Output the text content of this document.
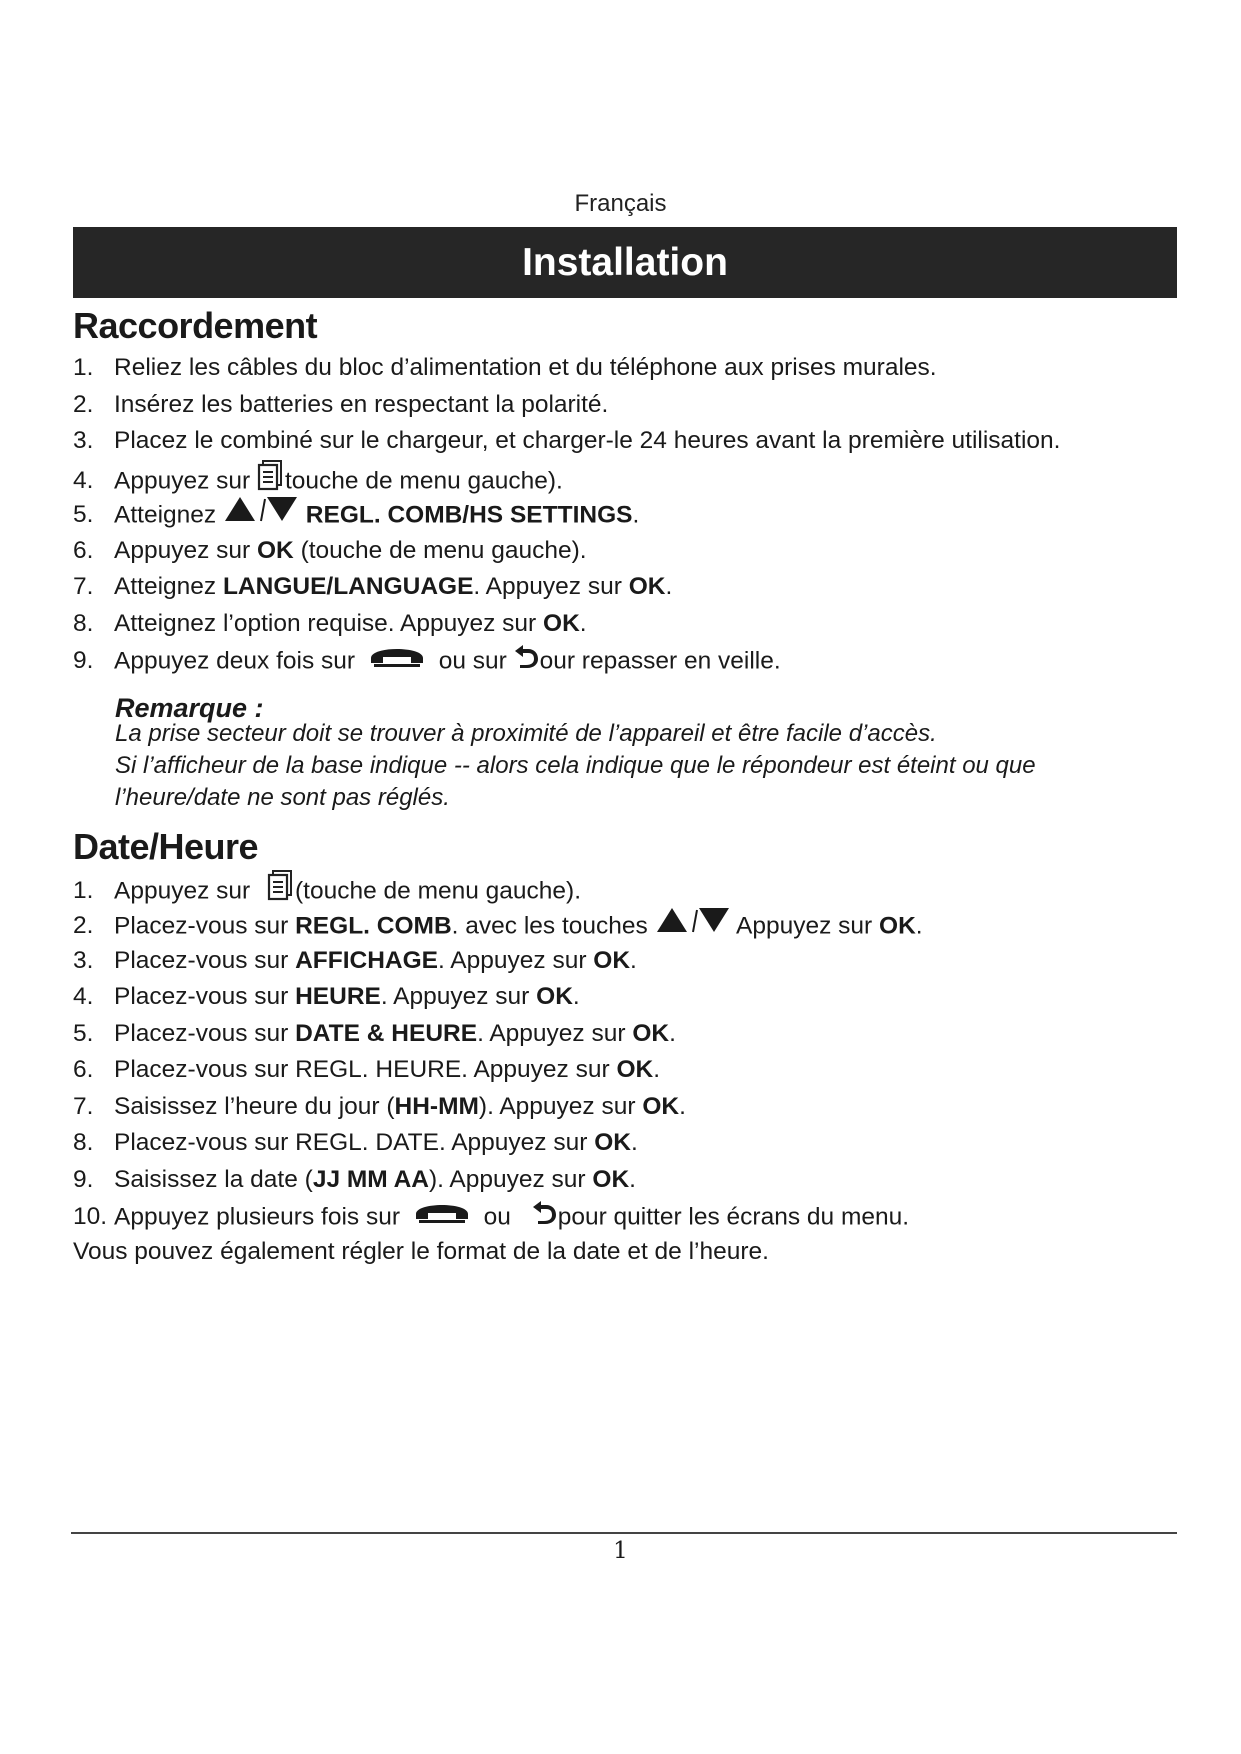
Français
Installation
Raccordement
1. Reliez les câbles du bloc d’alimentation et du téléphone aux prises murales.
2. Insérez les batteries en respectant la polarité.
3. Placez le combiné sur le chargeur, et charger-le 24 heures avant la première utilisation.
4. Appuyez sur touche de menu gauche).
5. Atteignez	REGL. COMB/HS SETTINGS.
6. Appuyez sur OK (touche de menu gauche).
7. Atteignez LANGUE/LANGUAGE. Appuyez sur OK.
8. Atteignez l’option requise. Appuyez sur OK.
9. Appuyez deux fois sur	ou sur our repasser en veille.
Remarque :
La prise secteur doit se trouver à proximité de l’appareil et être facile d’accès.
Si l’afficheur de la base indique -- alors cela indique que le répondeur est éteint ou que
l’heure/date ne sont pas réglés.
Date/Heure
1. Appuyez sur (touche de menu gauche).
2. Placez-vous sur REGL. COMB. avec les touches	Appuyez sur OK.
3. Placez-vous sur AFFICHAGE. Appuyez sur OK.
4. Placez-vous sur HEURE. Appuyez sur OK.
5. Placez-vous sur DATE & HEURE. Appuyez sur OK.
6. Placez-vous sur REGL. HEURE. Appuyez sur OK.
7. Saisissez l’heure du jour (HH-MM). Appuyez sur OK.
8. Placez-vous sur REGL. DATE. Appuyez sur OK.
9. Saisissez la date (JJ MM AA). Appuyez sur OK.
10. Appuyez plusieurs fois sur	ou pour quitter les écrans du menu.
Vous pouvez également régler le format de la date et de l’heure.
1
